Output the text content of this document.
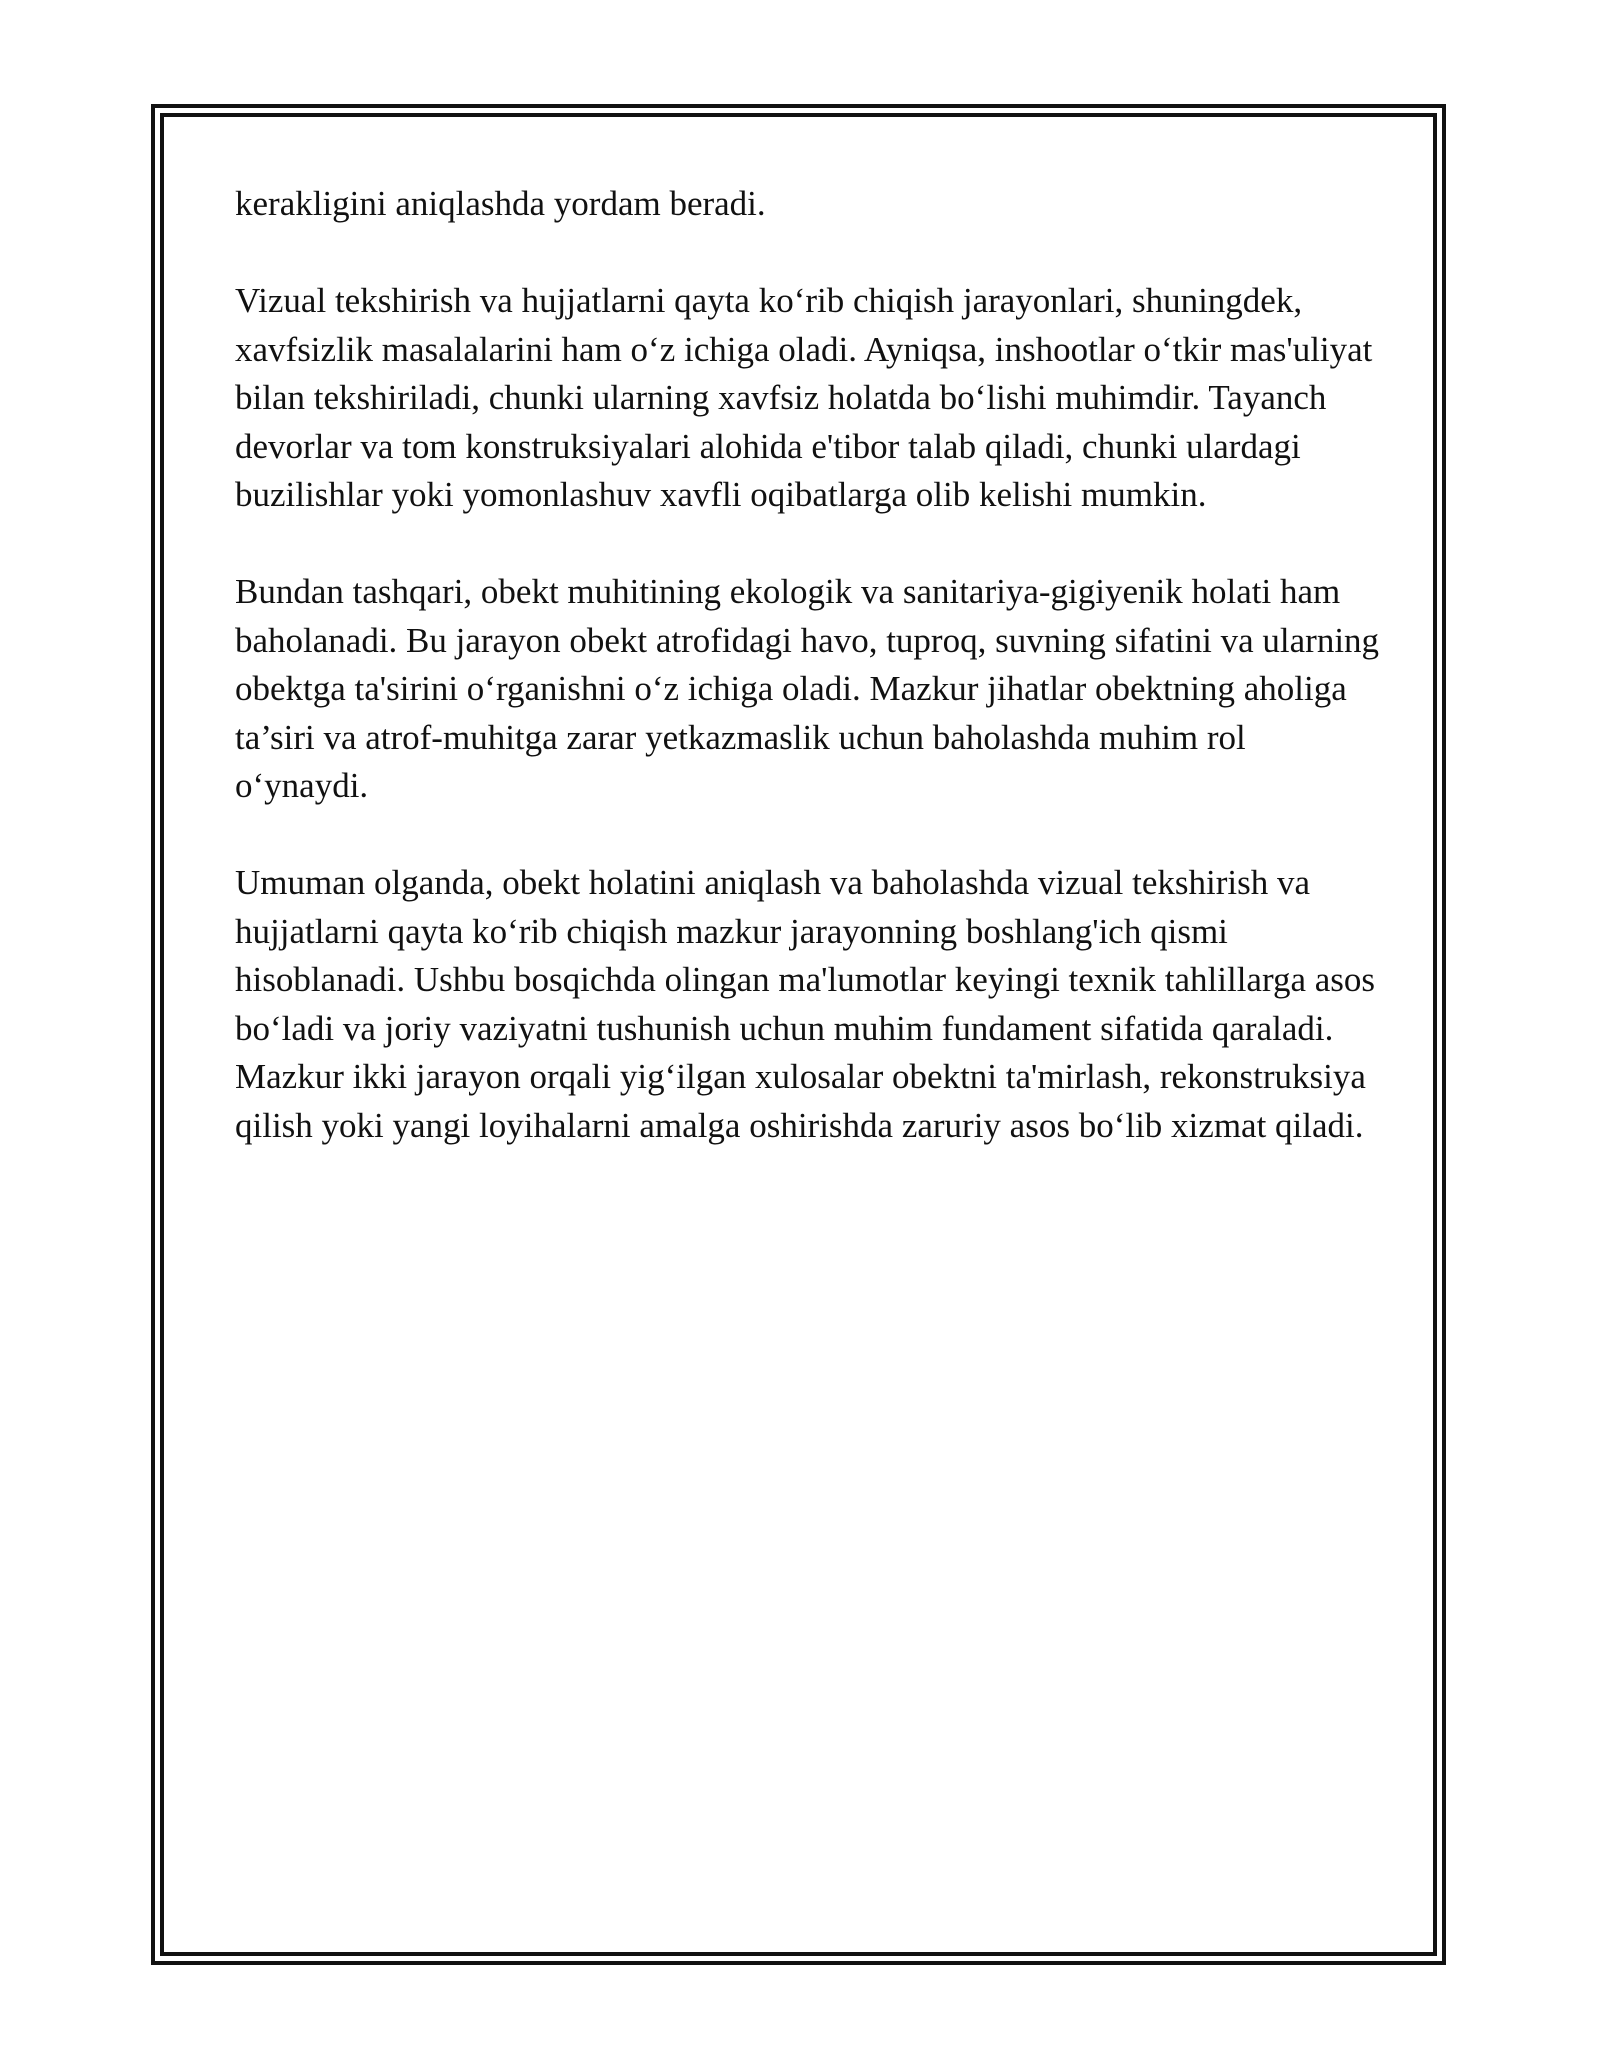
kerakligini aniqlashda yordam beradi.

Vizual tekshirish va hujjatlarni qayta ko‘rib chiqish jarayonlari, shuningdek, xavfsizlik masalalarini ham o‘z ichiga oladi. Ayniqsa, inshootlar o‘tkir mas'uliyat bilan tekshiriladi, chunki ularning xavfsiz holatda bo‘lishi muhimdir. Tayanch devorlar va tom konstruksiyalari alohida e'tibor talab qiladi, chunki ulardagi buzilishlar yoki yomonlashuv xavfli oqibatlarga olib kelishi mumkin.

Bundan tashqari, obekt muhitining ekologik va sanitariya-gigiyenik holati ham baholanadi. Bu jarayon obekt atrofidagi havo, tuproq, suvning sifatini va ularning obektga ta'sirini o‘rganishni o‘z ichiga oladi. Mazkur jihatlar obektning aholiga ta’siri va atrof-muhitga zarar yetkazmaslik uchun baholashda muhim rol o‘ynaydi.

Umuman olganda, obekt holatini aniqlash va baholashda vizual tekshirish va hujjatlarni qayta ko‘rib chiqish mazkur jarayonning boshlang'ich qismi hisoblanadi. Ushbu bosqichda olingan ma'lumotlar keyingi texnik tahlillarga asos bo‘ladi va joriy vaziyatni tushunish uchun muhim fundament sifatida qaraladi. Mazkur ikki jarayon orqali yig‘ilgan xulosalar obektni ta'mirlash, rekonstruksiya qilish yoki yangi loyihalarni amalga oshirishda zaruriy asos bo‘lib xizmat qiladi.
